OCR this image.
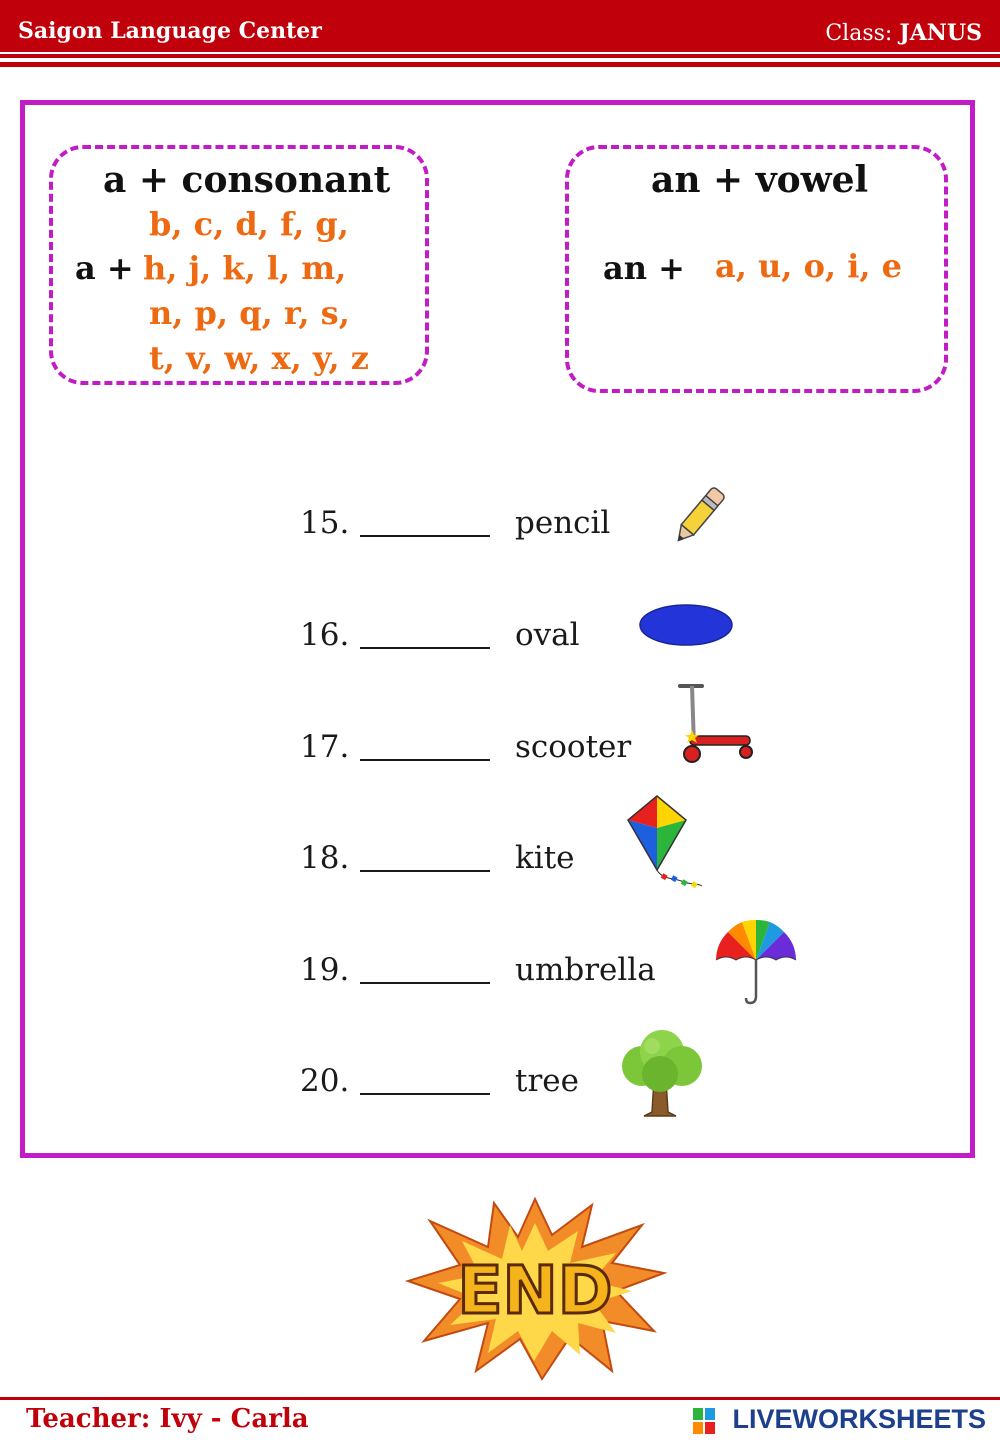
Saigon Language Center	Class: JANUS
a + consonant
b, c, d, f, g,
a + h, j, k, l, m,
n, p, q, r, s,
t, v, w, x, y, z
an + vowel
an + a, u, o, i, e
15.	pencil
16.	oval
17.	scooter
18.	kite
19.	umbrella
20.	tree
END
Teacher: Ivy - Carla	LIVEWORKSHEETS
